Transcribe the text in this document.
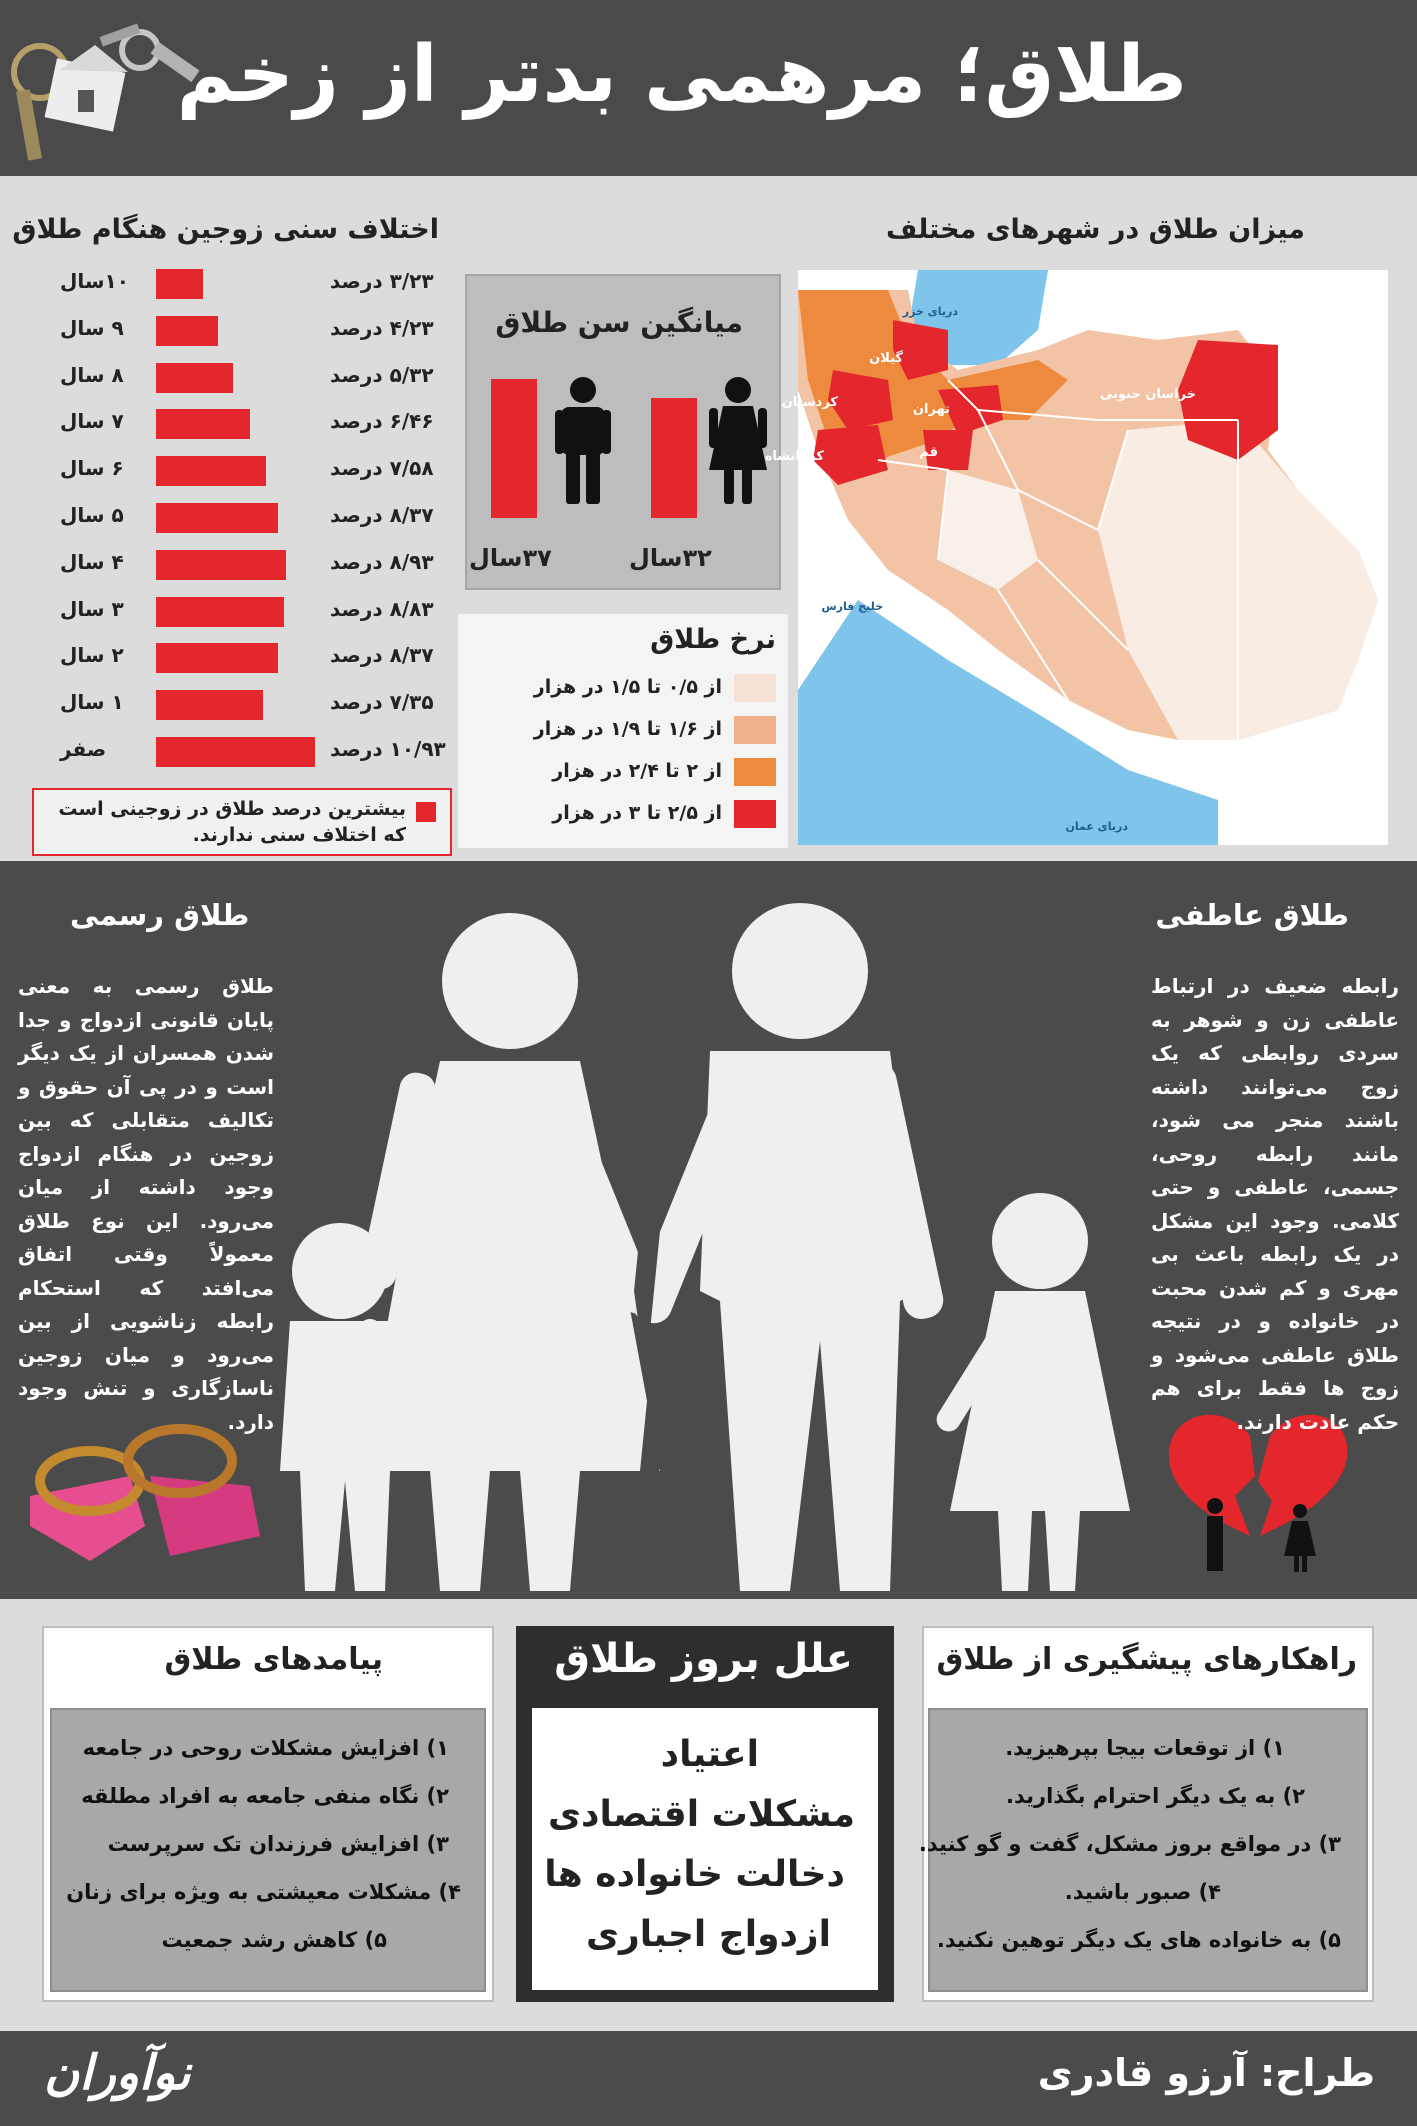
طلاق؛ مرهمی بدتر از زخم
اختلاف سنی زوجین هنگام طلاق	میزان طلاق در شهرهای مختلف
۱۰سال	۳/۲۳ درصد
۹ سال	۴/۲۳ درصد
۸ سال	۵/۳۲ درصد
۷ سال	۶/۴۶ درصد
۶ سال	۷/۵۸ درصد
۵ سال	۸/۳۷ درصد
۴ سال	۸/۹۳ درصد
۳ سال	۸/۸۳ درصد
۲ سال	۸/۳۷ درصد
۱ سال	۷/۳۵ درصد
صفر	۱۰/۹۳ درصد
بیشترین درصد طلاق در زوجینی است که اختلاف سنی ندارند.
میانگین سن طلاق
۳۷سال	۳۲سال
نرخ طلاق
از ۰/۵ تا ۱/۵ در هزار
از ۱/۶ تا ۱/۹ در هزار
از ۲ تا ۲/۴ در هزار
از ۲/۵ تا ۳ در هزار
دریای خزر
خلیج فارس
دریای عمان
گیلان
کردستان
کرمانشاه
تهران
قم
خراسان جنوبی
طلاق عاطفی
رابطه ضعیف در ارتباط عاطفی زن و شوهر به سردی روابطی که یک زوج می‌توانند داشته باشند منجر می شود، مانند رابطه روحی، جسمی، عاطفی و حتی کلامی. وجود این مشکل در یک رابطه باعث بی مهری و کم شدن محبت در خانواده و در نتیجه طلاق عاطفی می‌شود و زوج ها فقط برای هم حکم عادت دارند.
طلاق رسمی
طلاق رسمی به معنی پایان قانونی ازدواج و جدا شدن همسران از یک دیگر است و در پی آن حقوق و تکالیف متقابلی که بین زوجین در هنگام ازدواج وجود داشته از میان می‌رود. این نوع طلاق معمولاً وقتی اتفاق می‌افتد که استحکام رابطه زناشویی از بین می‌رود و میان زوجین ناسازگاری و تنش وجود دارد.
راهکارهای پیشگیری از طلاق
۱) از توقعات بیجا بپرهیزید.
۲) به یک دیگر احترام بگذارید.
۳) در مواقع بروز مشکل، گفت و گو کنید.
۴) صبور باشید.
۵) به خانواده های یک دیگر توهین نکنید.
علل بروز طلاق
اعتیاد
مشکلات اقتصادی
دخالت خانواده ها
ازدواج اجباری
پیامدهای طلاق
۱) افزایش مشکلات روحی در جامعه
۲) نگاه منفی جامعه به افراد مطلقه
۳) افزایش فرزندان تک سرپرست
۴) مشکلات معیشتی به ویژه برای زنان
۵) کاهش رشد جمعیت
طراح: آرزو قادری
نوآوران
